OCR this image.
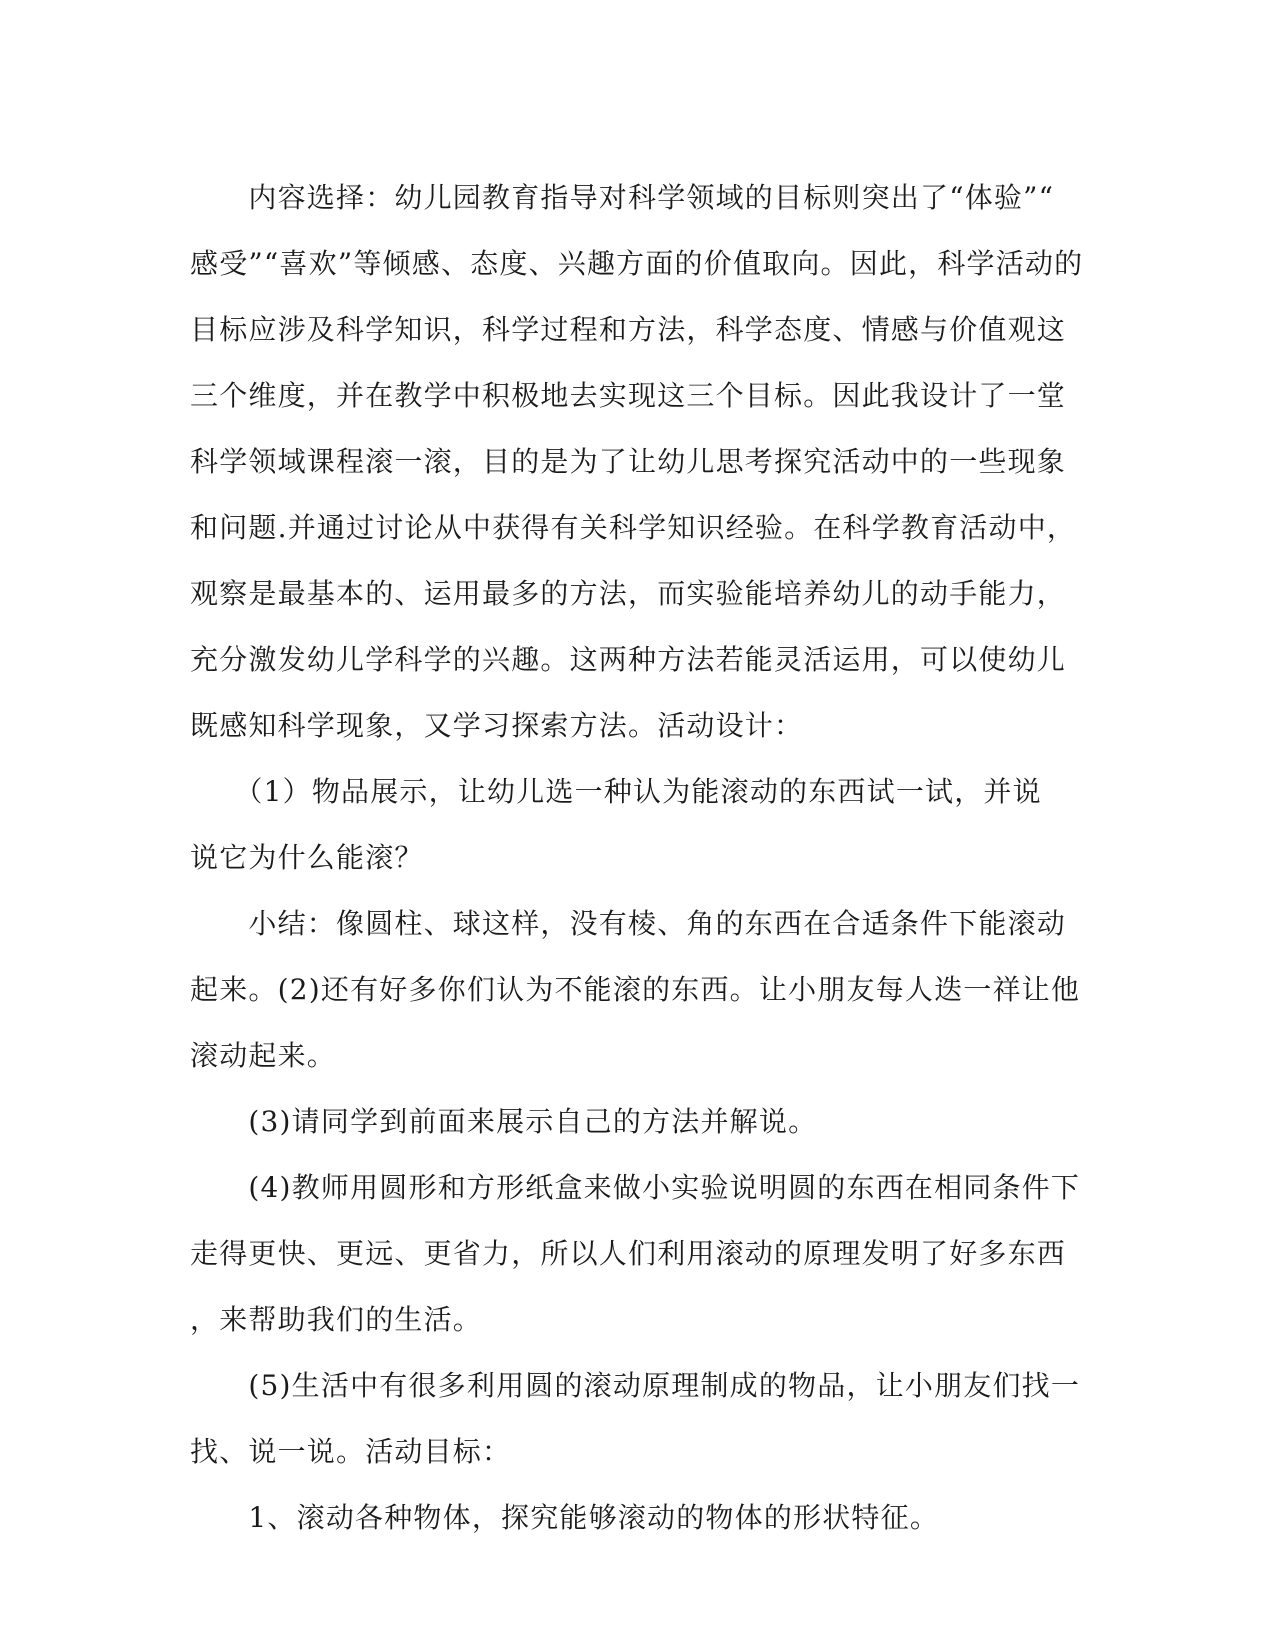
　　内容选择：幼儿园教育指导对科学领域的目标则突出了“体验”“
感受”“喜欢”等倾感、态度、兴趣方面的价值取向。因此，科学活动的
目标应涉及科学知识，科学过程和方法，科学态度、情感与价值观这
三个维度，并在教学中积极地去实现这三个目标。因此我设计了一堂
科学领域课程滚一滚，目的是为了让幼儿思考探究活动中的一些现象
和问题.并通过讨论从中获得有关科学知识经验。在科学教育活动中，
观察是最基本的、运用最多的方法，而实验能培养幼儿的动手能力，
充分激发幼儿学科学的兴趣。这两种方法若能灵活运用，可以使幼儿
既感知科学现象，又学习探索方法。活动设计：
　　（1）物品展示，让幼儿选一种认为能滚动的东西试一试，并说
说它为什么能滚？
　　小结：像圆柱、球这样，没有棱、角的东西在合适条件下能滚动
起来。(2)还有好多你们认为不能滚的东西。让小朋友每人迭一祥让他
滚动起来。
　　(3)请同学到前面来展示自己的方法并解说。
　　(4)教师用圆形和方形纸盒来做小实验说明圆的东西在相同条件下
走得更快、更远、更省力，所以人们利用滚动的原理发明了好多东西
，来帮助我们的生活。
　　(5)生活中有很多利用圆的滚动原理制成的物品，让小朋友们找一
找、说一说。活动目标：
　　1、滚动各种物体，探究能够滚动的物体的形状特征。
